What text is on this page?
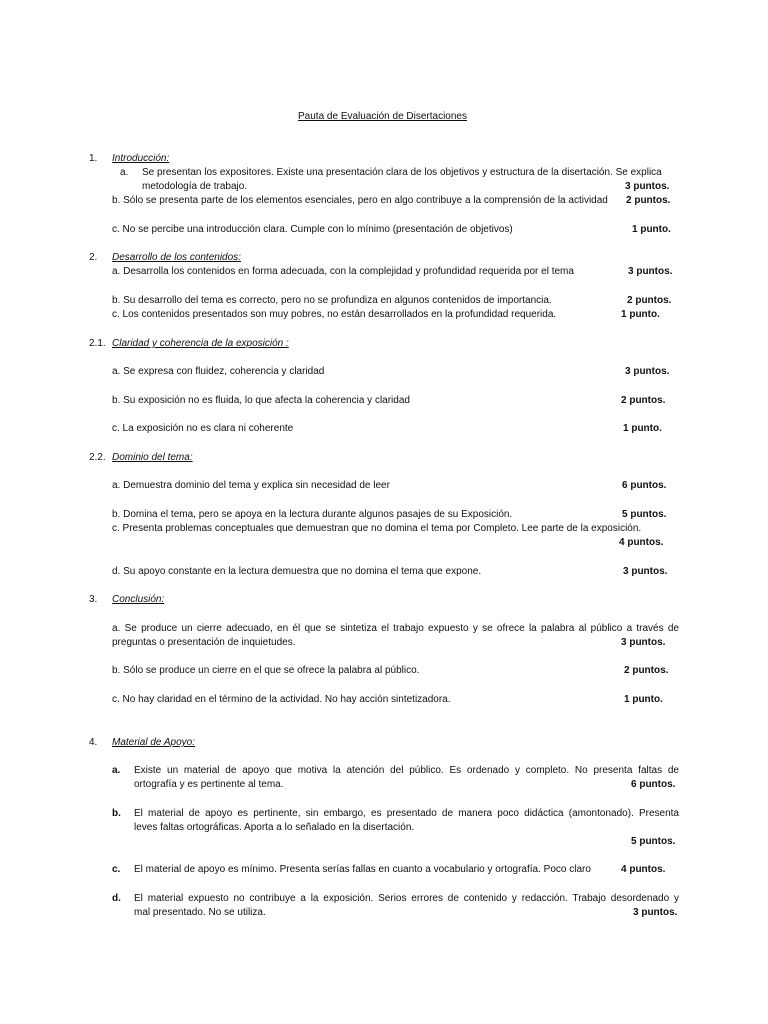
Pauta de Evaluación de Disertaciones
1. Introducción:
a. Se presentan los expositores. Existe una presentación clara de los objetivos y estructura de la disertación. Se explica
metodología de trabajo.	3 puntos.
b. Sólo se presenta parte de los elementos esenciales, pero en algo contribuye a la comprensión de la actividad 2 puntos.
c. No se percibe una introducción clara. Cumple con lo mínimo (presentación de objetivos)	1 punto.
2. Desarrollo de los contenidos:
a. Desarrolla los contenidos en forma adecuada, con la complejidad y profundidad requerida por el tema	3 puntos.
b. Su desarrollo del tema es correcto, pero no se profundiza en algunos contenidos de importancia.	2 puntos.
c. Los contenidos presentados son muy pobres, no están desarrollados en la profundidad requerida.	1 punto.
2.1. Claridad y coherencia de la exposición :
a. Se expresa con fluidez, coherencia y claridad	3 puntos.
b. Su exposición no es fluida, lo que afecta la coherencia y claridad	2 puntos.
c. La exposición no es clara ni coherente	1 punto.
2.2. Dominio del tema:
a. Demuestra dominio del tema y explica sin necesidad de leer	6 puntos.
b. Domina el tema, pero se apoya en la lectura durante algunos pasajes de su Exposición.	5 puntos.
c. Presenta problemas conceptuales que demuestran que no domina el tema por Completo. Lee parte de la exposición.
4 puntos.
d. Su apoyo constante en la lectura demuestra que no domina el tema que expone.	3 puntos.
3. Conclusión:
a. Se produce un cierre adecuado, en él que se sintetiza el trabajo expuesto y se ofrece la palabra al público a través de
preguntas o presentación de inquietudes.	3 puntos.
b. Sólo se produce un cierre en el que se ofrece la palabra al público.	2 puntos.
c. No hay claridad en el término de la actividad. No hay acción sintetizadora.	1 punto.
4. Material de Apoyo:
a. Existe un material de apoyo que motiva la atención del público. Es ordenado y completo. No presenta faltas de
ortografía y es pertinente al tema.	6 puntos.
b. El material de apoyo es pertinente, sin embargo, es presentado de manera poco didáctica (amontonado). Presenta
leves faltas ortográficas. Aporta a lo señalado en la disertación.
5 puntos.
c. El material de apoyo es mínimo. Presenta serías fallas en cuanto a vocabulario y ortografía. Poco claro	4 puntos.
d. El material expuesto no contribuye a la exposición. Serios errores de contenido y redacción. Trabajo desordenado y
mal presentado. No se utiliza.	3 puntos.
